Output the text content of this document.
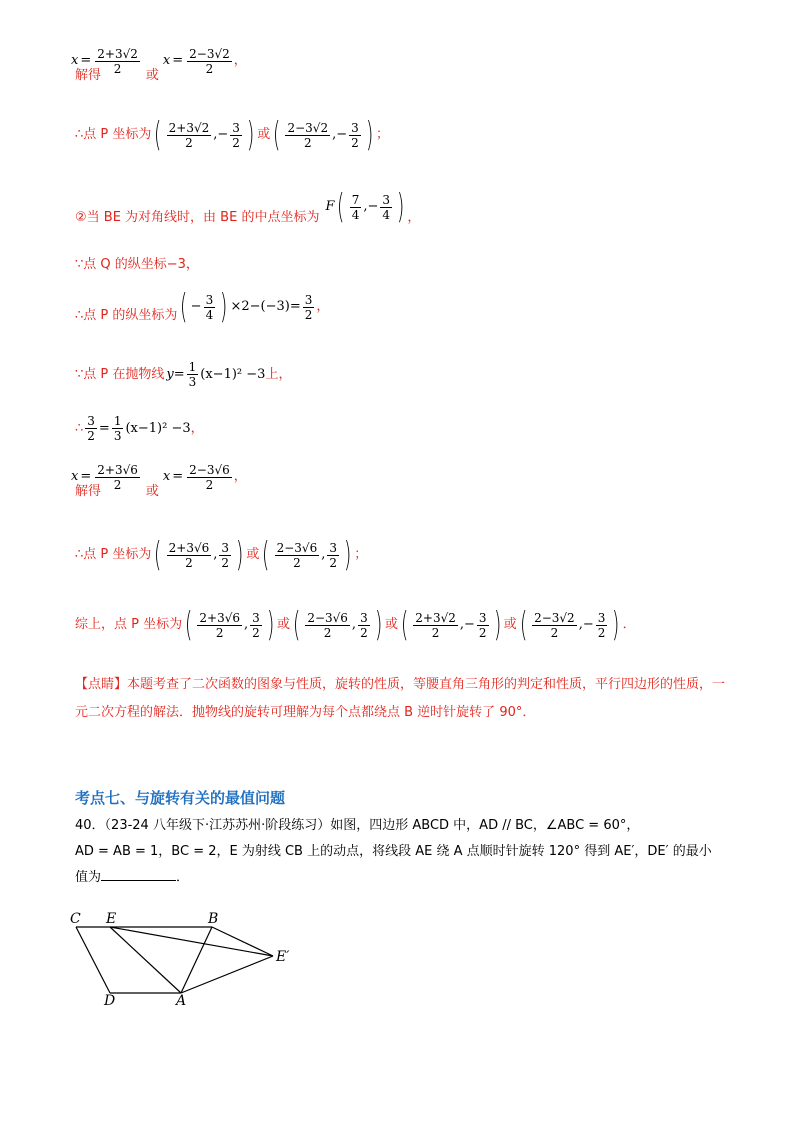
解得
$x = \frac{2+3√2}{2}$ 或
$x = \frac{2-3√2}{2}$ ，
∴点 P 坐标为 ( $\frac{2+3√2}{2}$ ,− $\frac{3}{2}$ ) 或 ( $\frac{2-3√2}{2}$ ,− $\frac{3}{2}$ ) ；
②当 BE 为对角线时，由 BE 的中点坐标为
F ( $\frac{7}{4}$ ,− $\frac{3}{4}$ ) ，
∵点 Q 的纵坐标−3，
∴点 P 的纵坐标为 ( − $\frac{3}{4}$ ) $\times 2-(-3)= \frac{3}{2}$ ，
∵点 P 在抛物线 $y= \frac{1}{3} (x-1)^2 -3$ 上，
∴ $\frac{3}{2} = \frac{1}{3} (x-1)^2 -3$ ，
解得
$x = \frac{2+3√6}{2}$ 或
$x = \frac{2-3√6}{2}$ ，
∴点 P 坐标为 ( $\frac{2+3√6}{2}$ , $\frac{3}{2}$ ) 或 ( $\frac{2-3√6}{2}$ , $\frac{3}{2}$ ) ；
综上，点 P 坐标为 ( $\frac{2+3√6}{2}$ , $\frac{3}{2}$ ) 或 ( $\frac{2-3√6}{2}$ , $\frac{3}{2}$ ) 或 ( $\frac{2+3√2}{2}$ ,− $\frac{3}{2}$ ) 或 ( $\frac{2-3√2}{2}$ ,− $\frac{3}{2}$ ) ．
【点睛】本题考查了二次函数的图象与性质，旋转的性质，等腰直角三角形的判定和性质，平行四边形的性质，一元二次方程的解法．抛物线的旋转可理解为每个点都绕点 B 逆时针旋转了 90°．
考点七、与旋转有关的最值问题
40．（23-24 八年级下·江苏苏州·阶段练习）如图，四边形 ABCD 中，AD // BC，∠ABC = 60°，
AD = AB = 1，BC = 2，E 为射线 CB 上的动点，将线段 AE 绕 A 点顺时针旋转 120° 得到 AE′，DE′ 的最小
值为	．
C E	B
E′
D	A
